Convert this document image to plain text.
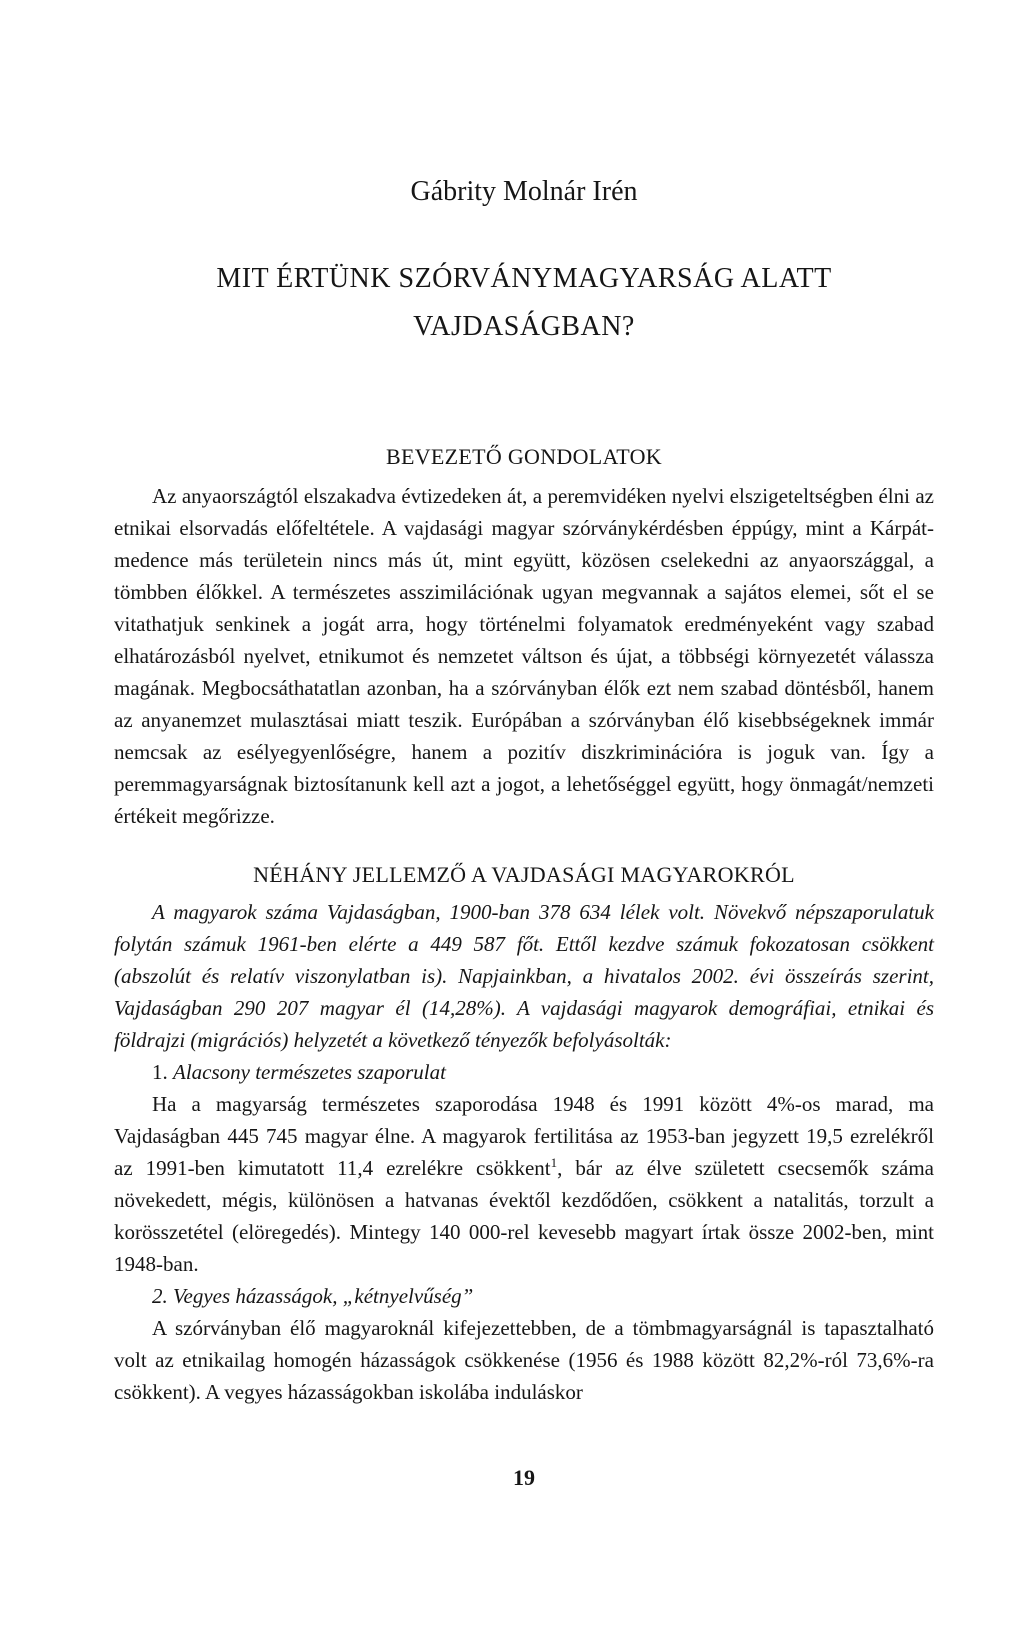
Gábrity Molnár Irén
MIT ÉRTÜNK SZÓRVÁNYMAGYARSÁG ALATT
VAJDASÁGBAN?
BEVEZETŐ GONDOLATOK

Az anyaországtól elszakadva évtizedeken át, a peremvidéken nyelvi elszigeteltségben élni az etnikai elsorvadás előfeltétele. A vajdasági magyar szórványkérdésben éppúgy, mint a Kárpát-medence más területein nincs más út, mint együtt, közösen cselekedni az anyaországgal, a tömbben élőkkel. A természetes asszimilációnak ugyan megvannak a sajátos elemei, sőt el se vitathatjuk senkinek a jogát arra, hogy történelmi folyamatok eredményeként vagy szabad elhatározásból nyelvet, etnikumot és nemzetet váltson és újat, a többségi környezetét válassza magának. Megbocsáthatatlan azonban, ha a szórványban élők ezt nem szabad döntésből, hanem az anyanemzet mulasztásai miatt teszik. Európában a szórványban élő kisebbségeknek immár nemcsak az esélyegyenlőségre, hanem a pozitív diszkriminációra is joguk van. Így a peremmagyarságnak biztosítanunk kell azt a jogot, a lehetőséggel együtt, hogy önmagát/nemzeti értékeit megőrizze.

NÉHÁNY JELLEMZŐ A VAJDASÁGI MAGYAROKRÓL

A magyarok száma Vajdaságban, 1900-ban 378 634 lélek volt. Növekvő népszaporulatuk folytán számuk 1961-ben elérte a 449 587 főt. Ettől kezdve számuk fokozatosan csökkent (abszolút és relatív viszonylatban is). Napjainkban, a hivatalos 2002. évi összeírás szerint, Vajdaságban 290 207 magyar él (14,28%). A vajdasági magyarok demográfiai, etnikai és földrajzi (migrációs) helyzetét a következő tényezők befolyásolták:

1. Alacsony természetes szaporulat

Ha a magyarság természetes szaporodása 1948 és 1991 között 4%-os marad, ma Vajdaságban 445 745 magyar élne. A magyarok fertilitása az 1953-ban jegyzett 19,5 ezrelékről az 1991-ben kimutatott 11,4 ezrelékre csökkent$^1$, bár az élve született csecsemők száma növekedett, mégis, különösen a hatvanas évektől kezdődően, csökkent a natalitás, torzult a korösszetétel (elöregedés). Mintegy 140 000-rel kevesebb magyart írtak össze 2002-ben, mint 1948-ban.

2. Vegyes házasságok, „kétnyelvűség”

A szórványban élő magyaroknál kifejezettebben, de a tömbmagyarságnál is tapasztalható volt az etnikailag homogén házasságok csökkenése (1956 és 1988 között 82,2%-ról 73,6%-ra csökkent). A vegyes házasságokban iskolába induláskor

19
